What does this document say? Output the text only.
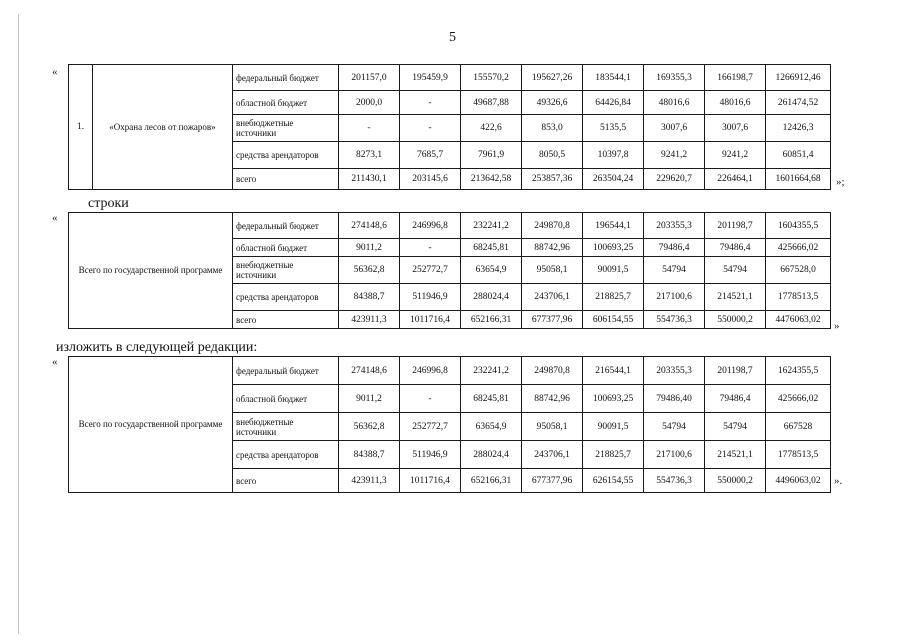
5
«
1.	«Охрана лесов от пожаров»	федеральный бюджет	201157,0	195459,9	155570,2	195627,26	183544,1	169355,3	166198,7	1266912,46
		областной бюджет	2000,0	-	49687,88	49326,6	64426,84	48016,6	48016,6	261474,52
		внебюджетные источники	-	-	422,6	853,0	5135,5	3007,6	3007,6	12426,3
		средства арендаторов	8273,1	7685,7	7961,9	8050,5	10397,8	9241,2	9241,2	60851,4
		всего	211430,1	203145,6	213642,58	253857,36	263504,24	229620,7	226464,1	1601664,68 »;
строки
«
Всего по государственной программе	федеральный бюджет	274148,6	246996,8	232241,2	249870,8	196544,1	203355,3	201198,7	1604355,5
	областной бюджет	9011,2	-	68245,81	88742,96	100693,25	79486,4	79486,4	425666,02
	внебюджетные источники	56362,8	252772,7	63654,9	95058,1	90091,5	54794	54794	667528,0
	средства арендаторов	84388,7	511946,9	288024,4	243706,1	218825,7	217100,6	214521,1	1778513,5
	всего	423911,3	1011716,4	652166,31	677377,96	606154,55	554736,3	550000,2	4476063,02
»
изложить в следующей редакции:
«
Всего по государственной программе	федеральный бюджет	274148,6	246996,8	232241,2	249870,8	216544,1	203355,3	201198,7	1624355,5
	областной бюджет	9011,2	-	68245,81	88742,96	100693,25	79486,40	79486,4	425666,02
	внебюджетные источники	56362,8	252772,7	63654,9	95058,1	90091,5	54794	54794	667528
	средства арендаторов	84388,7	511946,9	288024,4	243706,1	218825,7	217100,6	214521,1	1778513,5
	всего	423911,3	1011716,4	652166,31	677377,96	626154,55	554736,3	550000,2	4496063,02 ».
